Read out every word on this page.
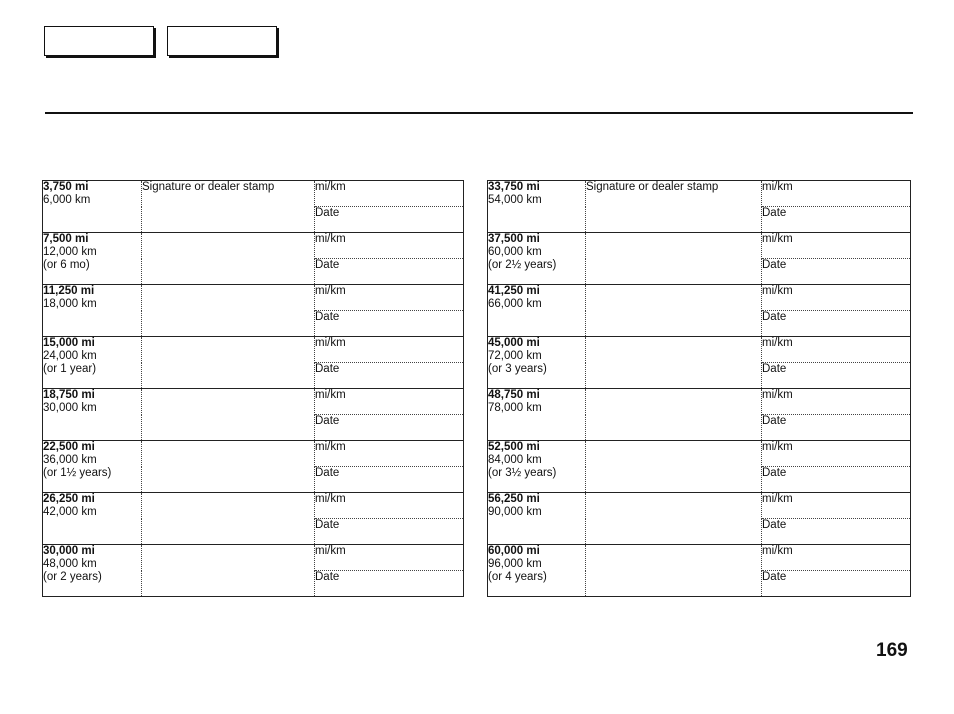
3,750 mi
6,000 km	Signature or dealer stamp	mi/km
		Date

7,500 mi
12,000 km
(or 6 mo)		mi/km
		Date

11,250 mi
18,000 km		mi/km
		Date

15,000 mi
24,000 km
(or 1 year)		mi/km
		Date

18,750 mi
30,000 km		mi/km
		Date

22,500 mi
36,000 km
(or 1½ years)		mi/km
		Date

26,250 mi
42,000 km		mi/km
		Date

30,000 mi
48,000 km
(or 2 years)		mi/km
		Date
33,750 mi
54,000 km	Signature or dealer stamp	mi/km
		Date

37,500 mi
60,000 km
(or 2½ years)		mi/km
		Date

41,250 mi
66,000 km		mi/km
		Date

45,000 mi
72,000 km
(or 3 years)		mi/km
		Date

48,750 mi
78,000 km		mi/km
		Date

52,500 mi
84,000 km
(or 3½ years)		mi/km
		Date

56,250 mi
90,000 km		mi/km
		Date

60,000 mi
96,000 km
(or 4 years)		mi/km
		Date
169
